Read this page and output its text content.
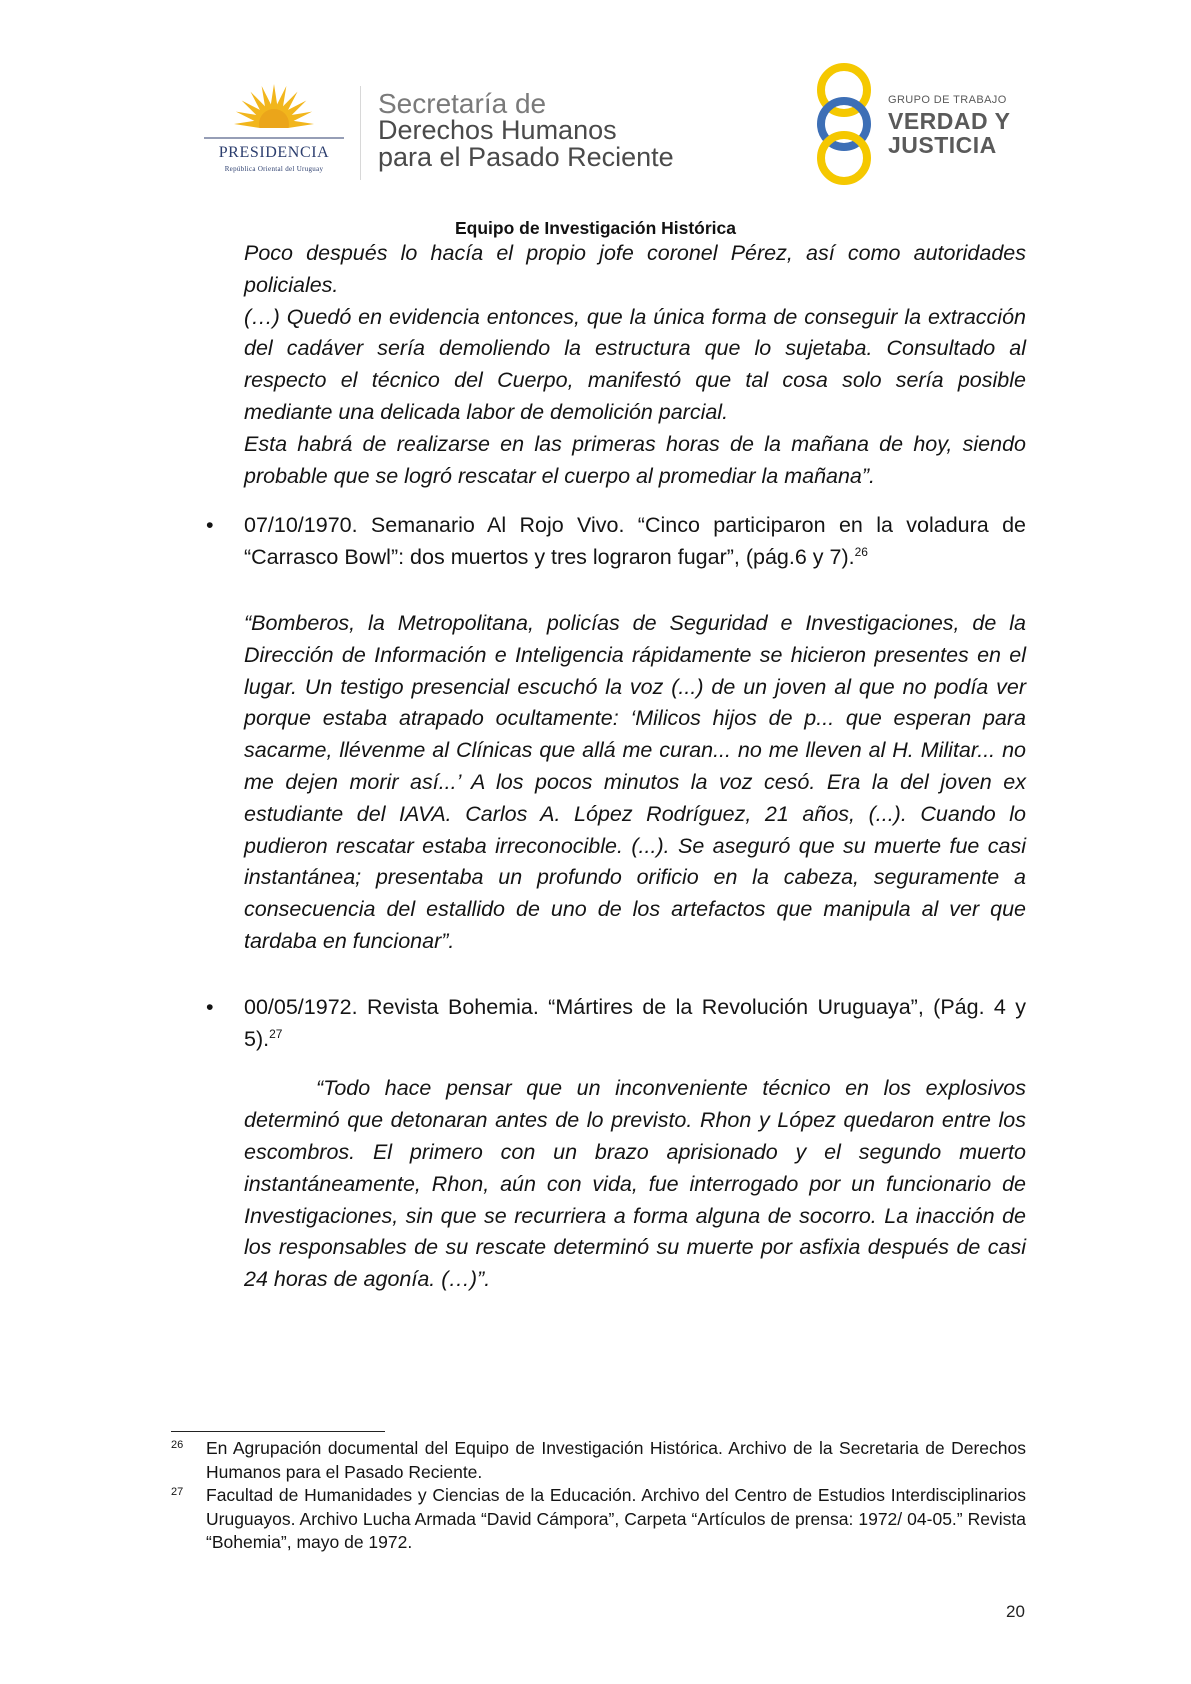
PRESIDENCIA
República Oriental del Uruguay
Secretaría de
Derechos Humanos
para el Pasado Reciente
GRUPO DE TRABAJO
VERDAD Y
JUSTICIA
Equipo de Investigación Histórica

Poco después lo hacía el propio jofe coronel Pérez, así como autoridades policiales.

(…) Quedó en evidencia entonces, que la única forma de conseguir la extracción del cadáver sería demoliendo la estructura que lo sujetaba. Consultado al respecto el técnico del Cuerpo, manifestó que tal cosa solo sería posible mediante una delicada labor de demolición parcial.

Esta habrá de realizarse en las primeras horas de la mañana de hoy, siendo probable que se logró rescatar el cuerpo al promediar la mañana”.

• 07/10/1970. Semanario Al Rojo Vivo. “Cinco participaron en la voladura de “Carrasco Bowl”: dos muertos y tres lograron fugar”, (pág.6 y 7).$^{26}$

“Bomberos, la Metropolitana, policías de Seguridad e Investigaciones, de la Dirección de Información e Inteligencia rápidamente se hicieron presentes en el lugar. Un testigo presencial escuchó la voz (...) de un joven al que no podía ver porque estaba atrapado ocultamente: ‘Milicos hijos de p... que esperan para sacarme, llévenme al Clínicas que allá me curan... no me lleven al H. Militar... no me dejen morir así...’ A los pocos minutos la voz cesó. Era la del joven ex estudiante del IAVA. Carlos A. López Rodríguez, 21 años, (...). Cuando lo pudieron rescatar estaba irreconocible. (...). Se aseguró que su muerte fue casi instantánea; presentaba un profundo orificio en la cabeza, seguramente a consecuencia del estallido de uno de los artefactos que manipula al ver que tardaba en funcionar”.

• 00/05/1972. Revista Bohemia. “Mártires de la Revolución Uruguaya”, (Pág. 4 y 5).$^{27}$

“Todo hace pensar que un inconveniente técnico en los explosivos determinó que detonaran antes de lo previsto. Rhon y López quedaron entre los escombros. El primero con un brazo aprisionado y el segundo muerto instantáneamente, Rhon, aún con vida, fue interrogado por un funcionario de Investigaciones, sin que se recurriera a forma alguna de socorro. La inacción de los responsables de su rescate determinó su muerte por asfixia después de casi 24 horas de agonía. (…)”.

26 En Agrupación documental del Equipo de Investigación Histórica. Archivo de la Secretaria de Derechos Humanos para el Pasado Reciente.
27 Facultad de Humanidades y Ciencias de la Educación. Archivo del Centro de Estudios Interdisciplinarios Uruguayos. Archivo Lucha Armada “David Cámpora”, Carpeta “Artículos de prensa: 1972/ 04-05.” Revista “Bohemia”, mayo de 1972.
20
